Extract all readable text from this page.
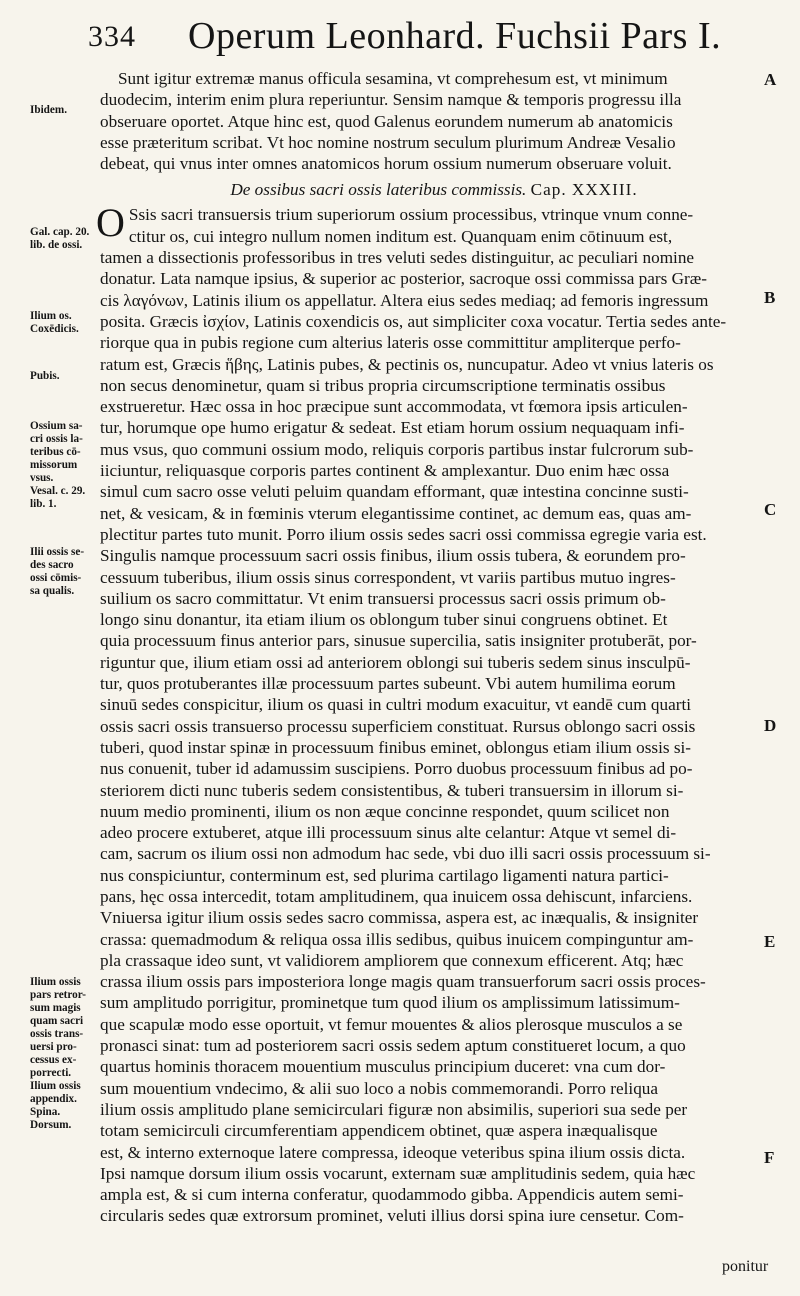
334 Operum Leonhard. Fuchsii Pars I.
Ibidem.
Gal. cap. 20.
lib. de ossi.
Ilium os.
Coxēdicis.
Pubis.
Ossium sa-
cri ossis la-
teribus cō-
missorum
vsus.
Vesal. c. 29.
lib. 1.
Ilii ossis se-
des sacro
ossi cōmis-
sa qualis.
Ilium ossis
pars retror-
sum magis
quam sacri
ossis trans-
uersi pro-
cessus ex-
porrecti.
Ilium ossis
appendix.
Spina.
Dorsum.
A
B
C
D
E
F
Sunt igitur extremæ manus officula sesamina, vt comprehesum est, vt minimum
duodecim, interim enim plura reperiuntur. Sensim namque & temporis progressu illa
obseruare oportet. Atque hinc est, quod Galenus eorundem numerum ab anatomicis
esse præteritum scribat. Vt hoc nomine nostrum seculum plurimum Andreæ Vesalio
debeat, qui vnus inter omnes anatomicos horum ossium numerum obseruare voluit.
De ossibus sacri ossis lateribus commissis. Cap. XXXIII.
O Ssis sacri transuersis trium superiorum ossium processibus, vtrinque vnum conne-
ctitur os, cui integro nullum nomen inditum est. Quanquam enim cōtinuum est,
tamen a dissectionis professoribus in tres veluti sedes distinguitur, ac peculiari nomine
donatur. Lata namque ipsius, & superior ac posterior, sacroque ossi commissa pars Græ-
cis λαγόνων, Latinis ilium os appellatur. Altera eius sedes mediaq; ad femoris ingressum
posita. Græcis ἰσχίον, Latinis coxendicis os, aut simpliciter coxa vocatur. Tertia sedes ante-
riorque qua in pubis regione cum alterius lateris osse committitur ampliterque perfo-
ratum est, Græcis ἥβης, Latinis pubes, & pectinis os, nuncupatur. Adeo vt vnius lateris os
non secus denominetur, quam si tribus propria circumscriptione terminatis ossibus
exstrueretur. Hæc ossa in hoc præcipue sunt accommodata, vt fœmora ipsis articulen-
tur, horumque ope humo erigatur & sedeat. Est etiam horum ossium nequaquam infi-
mus vsus, quo communi ossium modo, reliquis corporis partibus instar fulcrorum sub-
iiciuntur, reliquasque corporis partes continent & amplexantur. Duo enim hæc ossa
simul cum sacro osse veluti peluim quandam efformant, quæ intestina concinne susti-
net, & vesicam, & in fœminis vterum elegantissime continet, ac demum eas, quas am-
plectitur partes tuto munit. Porro ilium ossis sedes sacri ossi commissa egregie varia est.
Singulis namque processuum sacri ossis finibus, ilium ossis tubera, & eorundem pro-
cessuum tuberibus, ilium ossis sinus correspondent, vt variis partibus mutuo ingres-
suilium os sacro committatur. Vt enim transuersi processus sacri ossis primum ob-
longo sinu donantur, ita etiam ilium os oblongum tuber sinui congruens obtinet. Et
quia processuum finus anterior pars, sinusue supercilia, satis insigniter protuberāt, por-
riguntur que, ilium etiam ossi ad anteriorem oblongi sui tuberis sedem sinus insculpū-
tur, quos protuberantes illæ processuum partes subeunt. Vbi autem humilima eorum
sinuū sedes conspicitur, ilium os quasi in cultri modum exacuitur, vt eandē cum quarti
ossis sacri ossis transuerso processu superficiem constituat. Rursus oblongo sacri ossis
tuberi, quod instar spinæ in processuum finibus eminet, oblongus etiam ilium ossis si-
nus conuenit, tuber id adamussim suscipiens. Porro duobus processuum finibus ad po-
steriorem dicti nunc tuberis sedem consistentibus, & tuberi transuersim in illorum si-
nuum medio prominenti, ilium os non æque concinne respondet, quum scilicet non
adeo procere extuberet, atque illi processuum sinus alte celantur: Atque vt semel di-
cam, sacrum os ilium ossi non admodum hac sede, vbi duo illi sacri ossis processuum si-
nus conspiciuntur, conterminum est, sed plurima cartilago ligamenti natura partici-
pans, hęc ossa intercedit, totam amplitudinem, qua inuicem ossa dehiscunt, infarciens.
Vniuersa igitur ilium ossis sedes sacro commissa, aspera est, ac inæqualis, & insigniter
crassa: quemadmodum & reliqua ossa illis sedibus, quibus inuicem compinguntur am-
pla crassaque ideo sunt, vt validiorem ampliorem que connexum efficerent. Atq; hæc
crassa ilium ossis pars imposteriora longe magis quam transuerforum sacri ossis proces-
sum amplitudo porrigitur, prominetque tum quod ilium os amplissimum latissimum-
que scapulæ modo esse oportuit, vt femur mouentes & alios plerosque musculos a se
pronasci sinat: tum ad posteriorem sacri ossis sedem aptum constitueret locum, a quo
quartus hominis thoracem mouentium musculus principium duceret: vna cum dor-
sum mouentium vndecimo, & alii suo loco a nobis commemorandi. Porro reliqua
ilium ossis amplitudo plane semicirculari figuræ non absimilis, superiori sua sede per
totam semicirculi circumferentiam appendicem obtinet, quæ aspera inæqualisque
est, & interno externoque latere compressa, ideoque veteribus spina ilium ossis dicta.
Ipsi namque dorsum ilium ossis vocarunt, externam suæ amplitudinis sedem, quia hæc
ampla est, & si cum interna conferatur, quodammodo gibba. Appendicis autem semi-
circularis sedes quæ extrorsum prominet, veluti illius dorsi spina iure censetur. Com-
ponitur
